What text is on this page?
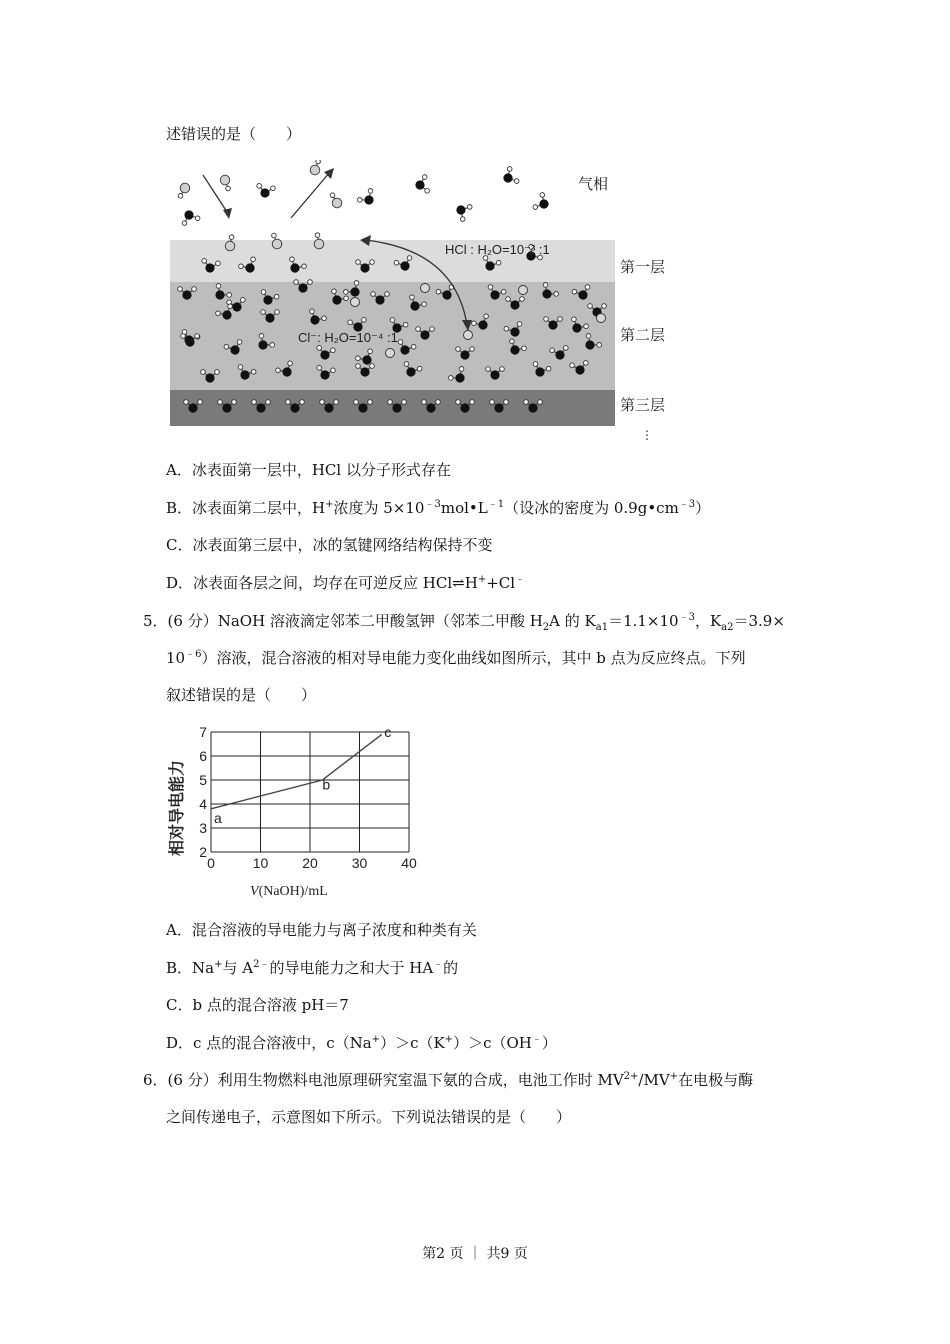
述错误的是（　　）
HCl : H₂O=10⁻³ :1
Cl⁻: H₂O=10⁻⁴ :1
气相
第一层
第二层
第三层
⋮
A．冰表面第一层中，HCl 以分子形式存在
B．冰表面第二层中，H+浓度为 $5\times 10^{﹣3}mol•L^{﹣1}$（设冰的密度为 $0.9g•cm^{﹣3}$）
C．冰表面第三层中，冰的氢键网络结构保持不变
D．冰表面各层之间，均存在可逆反应 HCl⇌H++Cl﹣
5．(6 分）NaOH 溶液滴定邻苯二甲酸氢钾（邻苯二甲酸 $H_2A$ 的 $K_{a1}=1.1\times 10^{﹣3}$，$K_{a2}=3.9\times$
$10^{﹣6}$）溶液，混合溶液的相对导电能力变化曲线如图所示，其中 b 点为反应终点。下列
叙述错误的是（　　）
0	10 20 30 40
2
3
4
5
6
7
a
b
c
相对导电能力
V(NaOH)/mL
A．混合溶液的导电能力与离子浓度和种类有关
B．Na+与 $A^{2﹣}$的导电能力之和大于 HA﹣的
C．b 点的混合溶液 pH＝7
D．c 点的混合溶液中，c（Na+）＞c（K+）＞c（OH﹣）
6．(6 分）利用生物燃料电池原理研究室温下氨的合成，电池工作时 $MV^{2+}/MV^+$在电极与酶
之间传递电子，示意图如下所示。下列说法错误的是（　　）
第2 页 ｜ 共9 页
